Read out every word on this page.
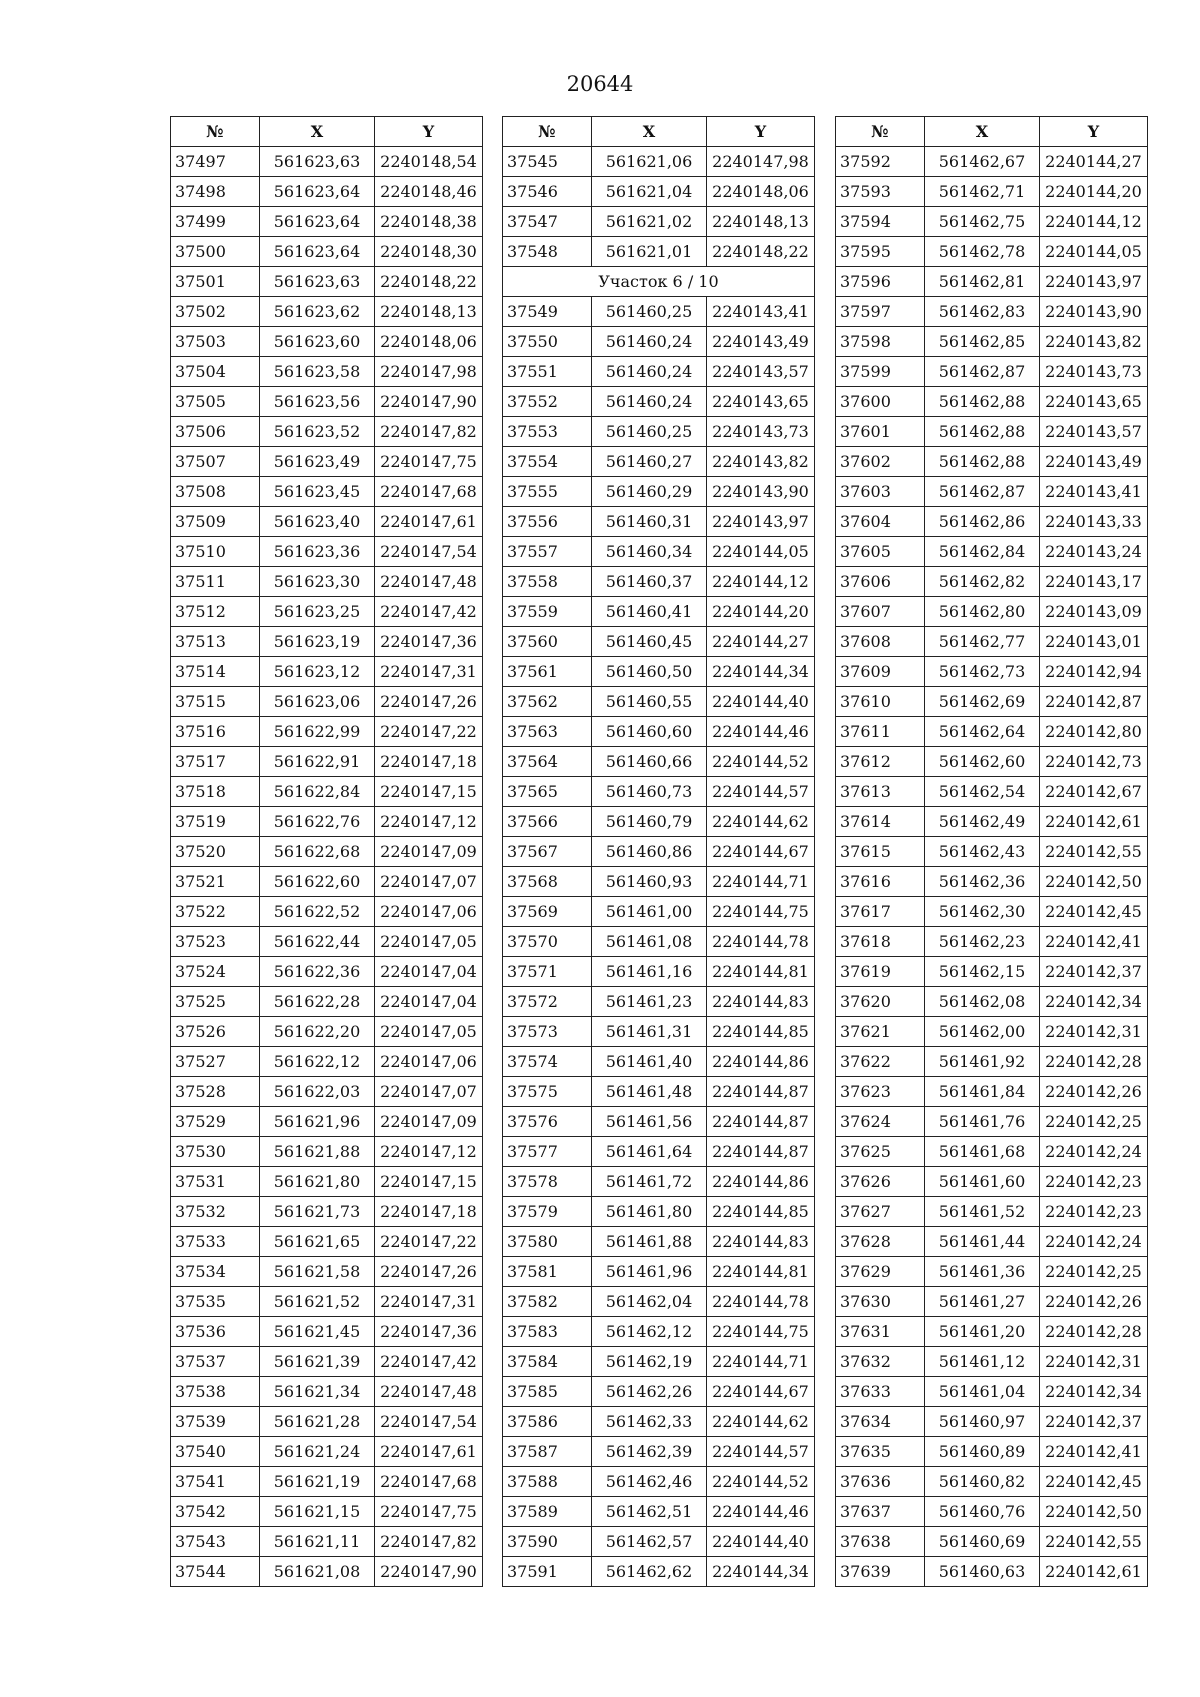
20644
№	X	Y
37497	561623,63	2240148,54
37498	561623,64	2240148,46
37499	561623,64	2240148,38
37500	561623,64	2240148,30
37501	561623,63	2240148,22
37502	561623,62	2240148,13
37503	561623,60	2240148,06
37504	561623,58	2240147,98
37505	561623,56	2240147,90
37506	561623,52	2240147,82
37507	561623,49	2240147,75
37508	561623,45	2240147,68
37509	561623,40	2240147,61
37510	561623,36	2240147,54
37511	561623,30	2240147,48
37512	561623,25	2240147,42
37513	561623,19	2240147,36
37514	561623,12	2240147,31
37515	561623,06	2240147,26
37516	561622,99	2240147,22
37517	561622,91	2240147,18
37518	561622,84	2240147,15
37519	561622,76	2240147,12
37520	561622,68	2240147,09
37521	561622,60	2240147,07
37522	561622,52	2240147,06
37523	561622,44	2240147,05
37524	561622,36	2240147,04
37525	561622,28	2240147,04
37526	561622,20	2240147,05
37527	561622,12	2240147,06
37528	561622,03	2240147,07
37529	561621,96	2240147,09
37530	561621,88	2240147,12
37531	561621,80	2240147,15
37532	561621,73	2240147,18
37533	561621,65	2240147,22
37534	561621,58	2240147,26
37535	561621,52	2240147,31
37536	561621,45	2240147,36
37537	561621,39	2240147,42
37538	561621,34	2240147,48
37539	561621,28	2240147,54
37540	561621,24	2240147,61
37541	561621,19	2240147,68
37542	561621,15	2240147,75
37543	561621,11	2240147,82
37544	561621,08	2240147,90
№	X	Y
37545	561621,06	2240147,98
37546	561621,04	2240148,06
37547	561621,02	2240148,13
37548	561621,01	2240148,22
Участок 6 / 10		
37549	561460,25	2240143,41
37550	561460,24	2240143,49
37551	561460,24	2240143,57
37552	561460,24	2240143,65
37553	561460,25	2240143,73
37554	561460,27	2240143,82
37555	561460,29	2240143,90
37556	561460,31	2240143,97
37557	561460,34	2240144,05
37558	561460,37	2240144,12
37559	561460,41	2240144,20
37560	561460,45	2240144,27
37561	561460,50	2240144,34
37562	561460,55	2240144,40
37563	561460,60	2240144,46
37564	561460,66	2240144,52
37565	561460,73	2240144,57
37566	561460,79	2240144,62
37567	561460,86	2240144,67
37568	561460,93	2240144,71
37569	561461,00	2240144,75
37570	561461,08	2240144,78
37571	561461,16	2240144,81
37572	561461,23	2240144,83
37573	561461,31	2240144,85
37574	561461,40	2240144,86
37575	561461,48	2240144,87
37576	561461,56	2240144,87
37577	561461,64	2240144,87
37578	561461,72	2240144,86
37579	561461,80	2240144,85
37580	561461,88	2240144,83
37581	561461,96	2240144,81
37582	561462,04	2240144,78
37583	561462,12	2240144,75
37584	561462,19	2240144,71
37585	561462,26	2240144,67
37586	561462,33	2240144,62
37587	561462,39	2240144,57
37588	561462,46	2240144,52
37589	561462,51	2240144,46
37590	561462,57	2240144,40
37591	561462,62	2240144,34
№	X	Y
37592	561462,67	2240144,27
37593	561462,71	2240144,20
37594	561462,75	2240144,12
37595	561462,78	2240144,05
37596	561462,81	2240143,97
37597	561462,83	2240143,90
37598	561462,85	2240143,82
37599	561462,87	2240143,73
37600	561462,88	2240143,65
37601	561462,88	2240143,57
37602	561462,88	2240143,49
37603	561462,87	2240143,41
37604	561462,86	2240143,33
37605	561462,84	2240143,24
37606	561462,82	2240143,17
37607	561462,80	2240143,09
37608	561462,77	2240143,01
37609	561462,73	2240142,94
37610	561462,69	2240142,87
37611	561462,64	2240142,80
37612	561462,60	2240142,73
37613	561462,54	2240142,67
37614	561462,49	2240142,61
37615	561462,43	2240142,55
37616	561462,36	2240142,50
37617	561462,30	2240142,45
37618	561462,23	2240142,41
37619	561462,15	2240142,37
37620	561462,08	2240142,34
37621	561462,00	2240142,31
37622	561461,92	2240142,28
37623	561461,84	2240142,26
37624	561461,76	2240142,25
37625	561461,68	2240142,24
37626	561461,60	2240142,23
37627	561461,52	2240142,23
37628	561461,44	2240142,24
37629	561461,36	2240142,25
37630	561461,27	2240142,26
37631	561461,20	2240142,28
37632	561461,12	2240142,31
37633	561461,04	2240142,34
37634	561460,97	2240142,37
37635	561460,89	2240142,41
37636	561460,82	2240142,45
37637	561460,76	2240142,50
37638	561460,69	2240142,55
37639	561460,63	2240142,61
